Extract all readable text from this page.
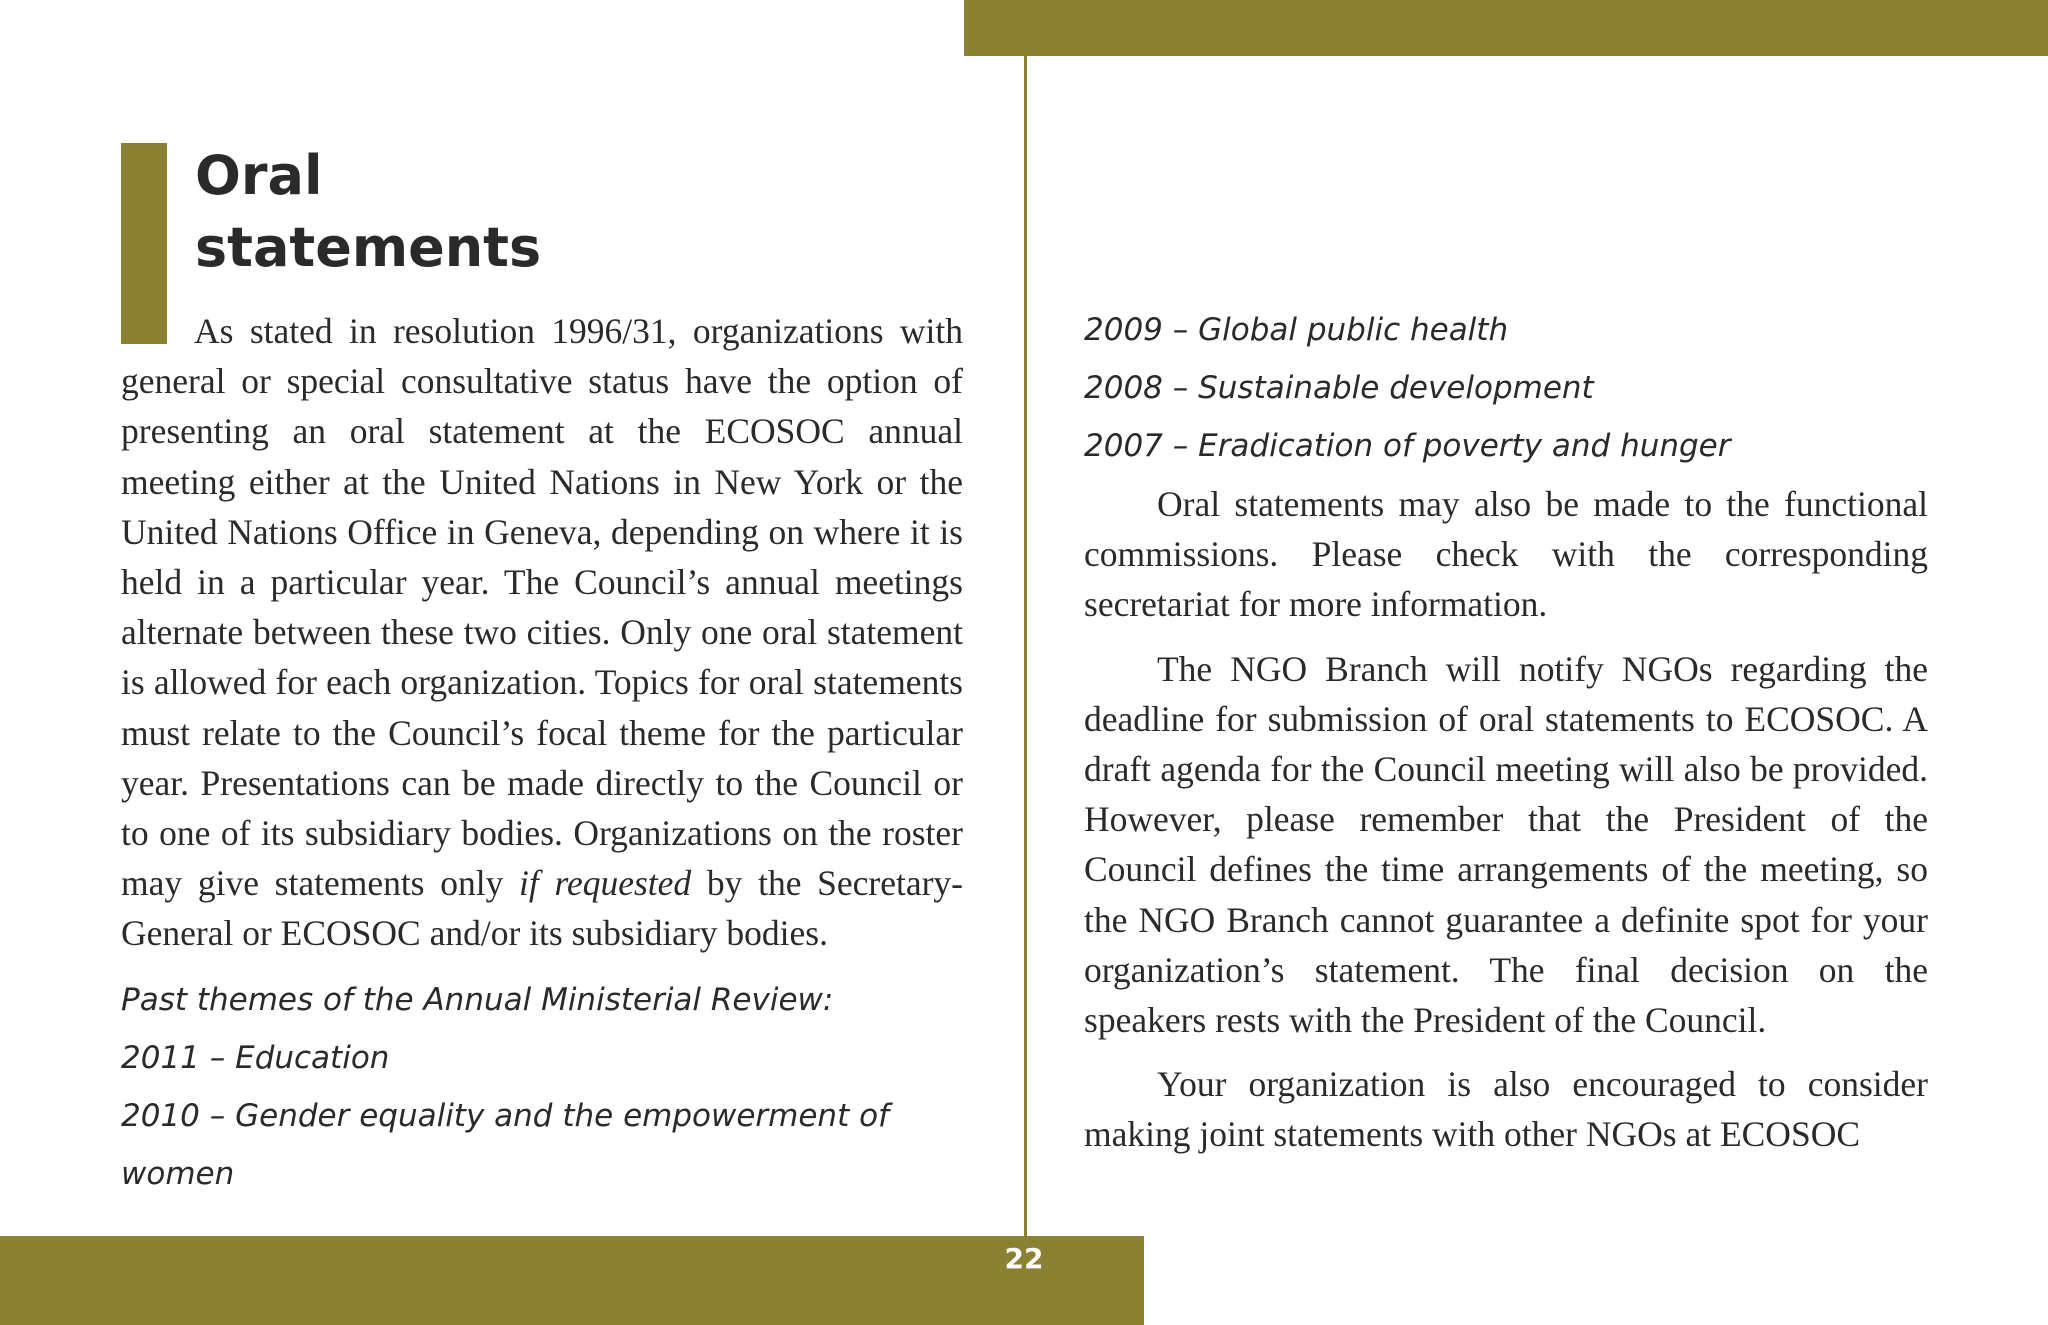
Oral
statements

As stated in resolution 1996/31, organizations with general or special consultative status have the option of presenting an oral statement at the ECOSOC annual meeting either at the United Nations in New York or the United Nations Office in Geneva, depending on where it is held in a particular year. The Council’s annual meetings alternate between these two cities. Only one oral statement is allowed for each organization. Topics for oral statements must relate to the Council’s focal theme for the particular year. Presentations can be made directly to the Council or to one of its subsidiary bodies. Organizations on the roster may give statements only if requested by the Secretary-General or ECOSOC and/or its subsidiary bodies.

Past themes of the Annual Ministerial Review:

2011 – Education

2010 – Gender equality and the empowerment of women

2009 – Global public health

2008 – Sustainable development

2007 – Eradication of poverty and hunger

Oral statements may also be made to the functional commissions. Please check with the corresponding secretariat for more information.

The NGO Branch will notify NGOs regarding the deadline for submission of oral statements to ECOSOC. A draft agenda for the Council meeting will also be provided. However, please remember that the President of the Council defines the time arrangements of the meeting, so the NGO Branch cannot guarantee a definite spot for your organization’s statement. The final decision on the speakers rests with the President of the Council.

Your organization is also encouraged to consider making joint statements with other NGOs at ECOSOC

22
